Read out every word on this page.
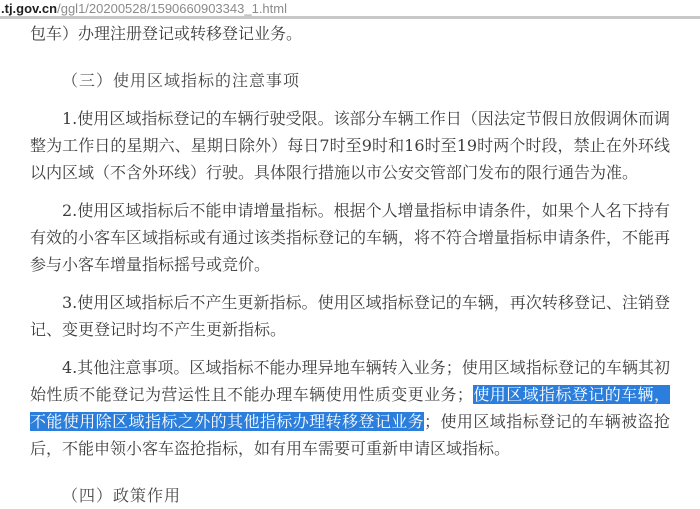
.tj.gov.cn/ggl1/20200528/1590660903343_1.html

包车）办理注册登记或转移登记业务。

（三）使用区域指标的注意事项

1.使用区域指标登记的车辆行驶受限。该部分车辆工作日（因法定节假日放假调休而调整为工作日的星期六、星期日除外）每日7时至9时和16时至19时两个时段，禁止在外环线以内区域（不含外环线）行驶。具体限行措施以市公安交管部门发布的限行通告为准。

2.使用区域指标后不能申请增量指标。根据个人增量指标申请条件，如果个人名下持有有效的小客车区域指标或有通过该类指标登记的车辆，将不符合增量指标申请条件，不能再参与小客车增量指标摇号或竞价。

3.使用区域指标后不产生更新指标。使用区域指标登记的车辆，再次转移登记、注销登记、变更登记时均不产生更新指标。

4.其他注意事项。区域指标不能办理异地车辆转入业务；使用区域指标登记的车辆其初始性质不能登记为营运性且不能办理车辆使用性质变更业务；使用区域指标登记的车辆，不能使用除区域指标之外的其他指标办理转移登记业务；使用区域指标登记的车辆被盗抢后，不能申领小客车盗抢指标，如有用车需要可重新申请区域指标。

（四）政策作用
